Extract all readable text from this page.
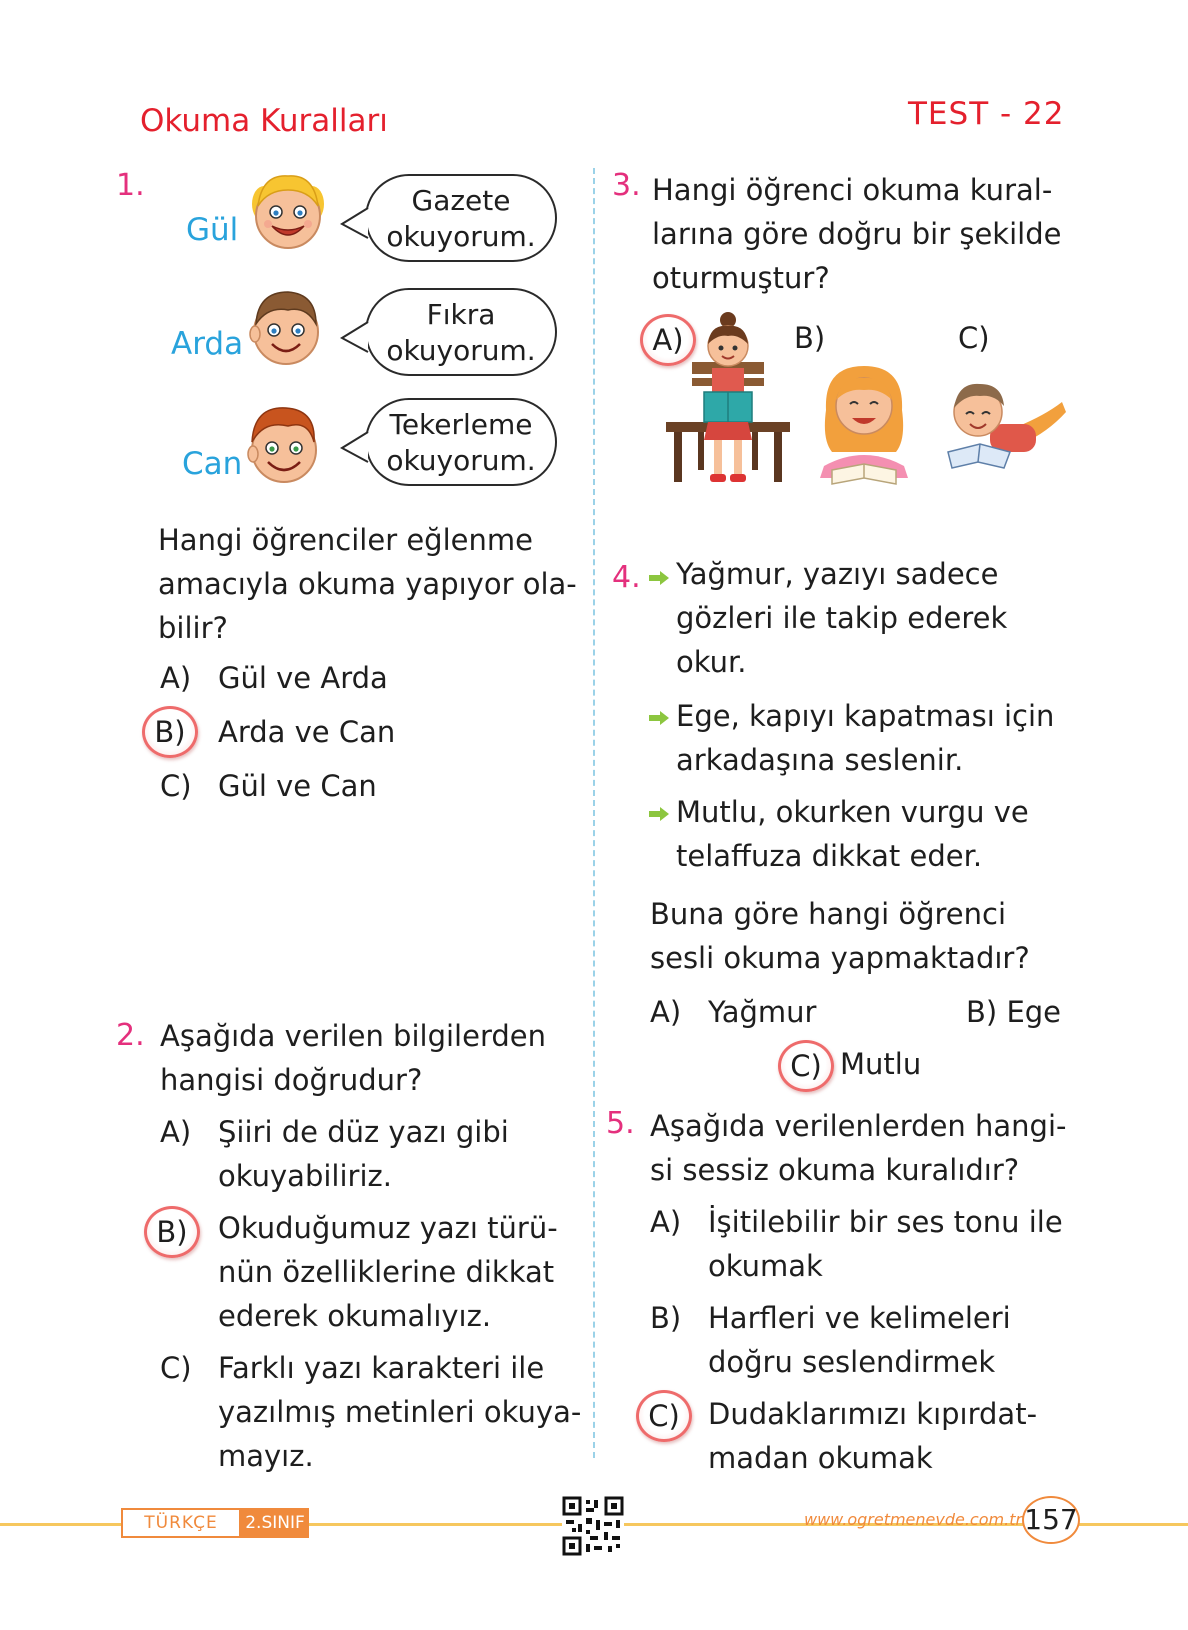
Okuma Kuralları	TEST - 22
1.
Gül
Gazete
okuyorum.
Arda
Fıkra
okuyorum.
Can
Tekerleme
okuyorum.
Hangi öğrenciler eğlenme
amacıyla okuma yapıyor ola-
bilir?
A) Gül ve Arda
B)	Arda ve Can
C) Gül ve Can
2. Aşağıda verilen bilgilerden
hangisi doğrudur?
A) Şiiri de düz yazı gibi
okuyabiliriz.
B)	Okuduğumuz yazı türü-
nün özelliklerine dikkat
ederek okumalıyız.
C) Farklı yazı karakteri ile
yazılmış metinleri okuya-
mayız.
3. Hangi öğrenci okuma kural-
larına göre doğru bir şekilde
oturmuştur?
A)	B)	C)
4. Yağmur, yazıyı sadece
gözleri ile takip ederek
okur.
Ege, kapıyı kapatması için
arkadaşına seslenir.
Mutlu, okurken vurgu ve
telaffuza dikkat eder.
Buna göre hangi öğrenci
sesli okuma yapmaktadır?
A) Yağmur	B) Ege
C) Mutlu
5. Aşağıda verilenlerden hangi-
si sessiz okuma kuralıdır?
A) İşitilebilir bir ses tonu ile
okumak
B) Harfleri ve kelimeleri
doğru seslendirmek
C) Dudaklarımızı kıpırdat-
madan okumak
TÜRKÇE	2.SINIF	www.ogretmenevde.com.tr 157
